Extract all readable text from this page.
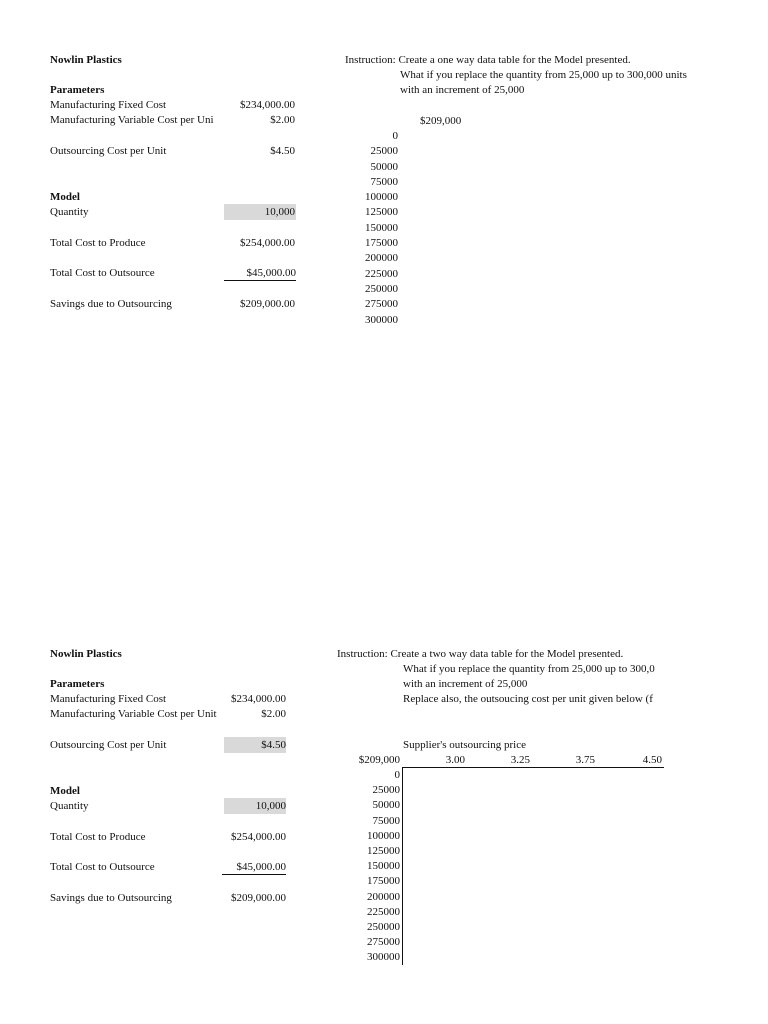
Nowlin Plastics	Instruction: Create a one way data table for the Model presented.
What if you replace the quantity from 25,000 up to 300,000 units
with an increment of 25,000
Parameters
Manufacturing Fixed Cost	$234,000.00
Manufacturing Variable Cost per Uni	$2.00
Outsourcing Cost per Unit	$4.50
Model
Quantity	10,000
Total Cost to Produce	$254,000.00
Total Cost to Outsource	$45,000.00
Savings due to Outsourcing	$209,000.00
$209,000
0
25000
50000
75000
100000
125000
150000
175000
200000
225000
250000
275000
300000
Nowlin Plastics	Instruction: Create a two way data table for the Model presented.
What if you replace the quantity from 25,000 up to 300,0
with an increment of 25,000
Replace also, the outsoucing cost per unit given below (f
Parameters
Manufacturing Fixed Cost	$234,000.00
Manufacturing Variable Cost per Unit	$2.00
Outsourcing Cost per Unit	$4.50
Model
Quantity	10,000
Total Cost to Produce	$254,000.00
Total Cost to Outsource	$45,000.00
Savings due to Outsourcing	$209,000.00
Supplier's outsourcing price
$209,000	3.00	3.25	3.75	4.50
0
25000
50000
75000
100000
125000
150000
175000
200000
225000
250000
275000
300000
